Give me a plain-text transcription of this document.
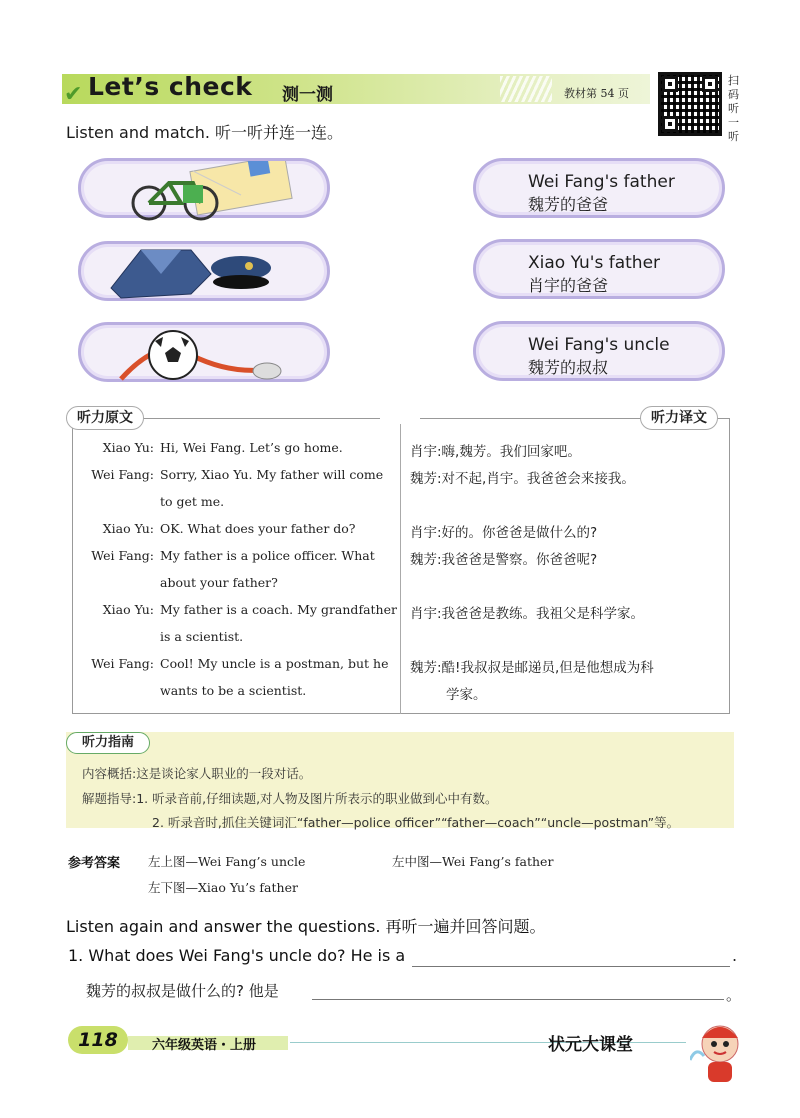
✔ Let’s check 测一测	教材第 54 页
扫
码
听
一
听
Listen and match. 听一听并连一连。
Wei Fang's father
魏芳的爸爸
Xiao Yu's father
肖宇的爸爸
Wei Fang's uncle
魏芳的叔叔
听力原文	听力译文
Xiao Yu: Hi, Wei Fang. Let’s go home.	肖宇:嗨,魏芳。我们回家吧。
Wei Fang: Sorry, Xiao Yu. My father will come
to get me.
魏芳:对不起,肖宇。我爸爸会来接我。
Xiao Yu: OK. What does your father do?	肖宇:好的。你爸爸是做什么的?
Wei Fang: My father is a police officer. What
about your father?
魏芳:我爸爸是警察。你爸爸呢?
Xiao Yu: My father is a coach. My grandfather
is a scientist.
肖宇:我爸爸是教练。我祖父是科学家。
Wei Fang: Cool! My uncle is a postman, but he
wants to be a scientist.
魏芳:酷!我叔叔是邮递员,但是他想成为科
学家。
听力指南
内容概括:这是谈论家人职业的一段对话。
解题指导:1. 听录音前,仔细读题,对人物及图片所表示的职业做到心中有数。
2. 听录音时,抓住关键词汇“father—police officer”“father—coach”“uncle—postman”等。
参考答案 左上图—Wei Fang’s uncle	左中图—Wei Fang’s father
左下图—Xiao Yu’s father
Listen again and answer the questions. 再听一遍并回答问题。
1. What does Wei Fang's uncle do? He is a	.
魏芳的叔叔是做什么的? 他是	。
118	六年级英语・上册	状元大课堂
